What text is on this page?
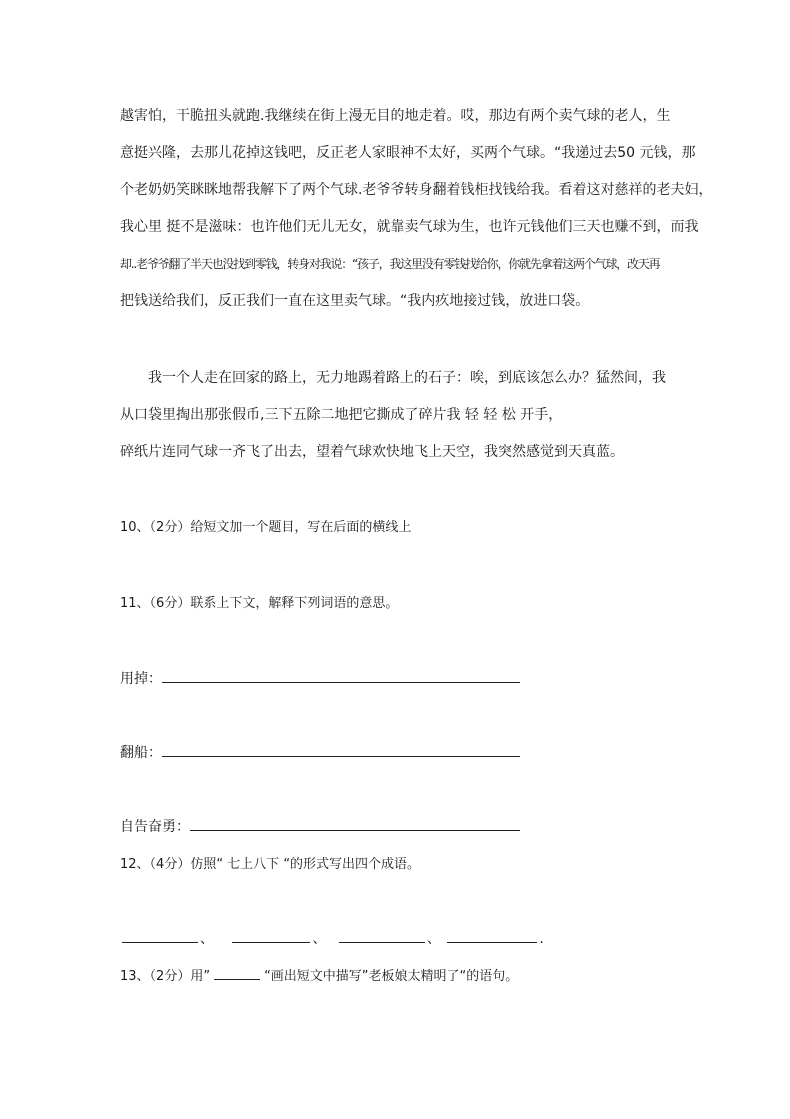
越害怕，干脆扭头就跑.我继续在街上漫无目的地走着。哎，那边有两个卖气球的老人，生
意挺兴隆，去那儿花掉这钱吧，反正老人家眼神不太好，买两个气球。“我递过去50 元钱，那
个老奶奶笑眯眯地帮我解下了两个气球.老爷爷转身翻着钱柜找钱给我。看着这对慈祥的老夫妇，
我心里 挺不是滋味：也许他们无儿无女，就靠卖气球为生，也许元钱他们三天也赚不到，而我
却..老爷爷翻了半天也没找到零钱，转身对我说：“孩子，我这里没有零钱找给你，你就先拿着这两个气球，改天再
把钱送给我们，反正我们一直在这里卖气球。“我内疚地接过钱，放进口袋。
我一个人走在回家的路上，无力地踢着路上的石子：唉，到底该怎么办？猛然间，我
从口袋里掏出那张假币,三下五除二地把它撕成了碎片我 轻 轻 松 开手，
碎纸片连同气球一齐飞了出去，望着气球欢快地飞上天空，我突然感觉到天真蓝。
10、（2分）给短文加一个题目，写在后面的横线上
11、（6分）联系上下文，解释下列词语的意思。
用掉：
翻船：
自告奋勇：
12、（4分）仿照“ 七上八下 “的形式写出四个成语。
、	、	、	.
13、（2分）用”	“画出短文中描写”老板娘太精明了“的语句。
